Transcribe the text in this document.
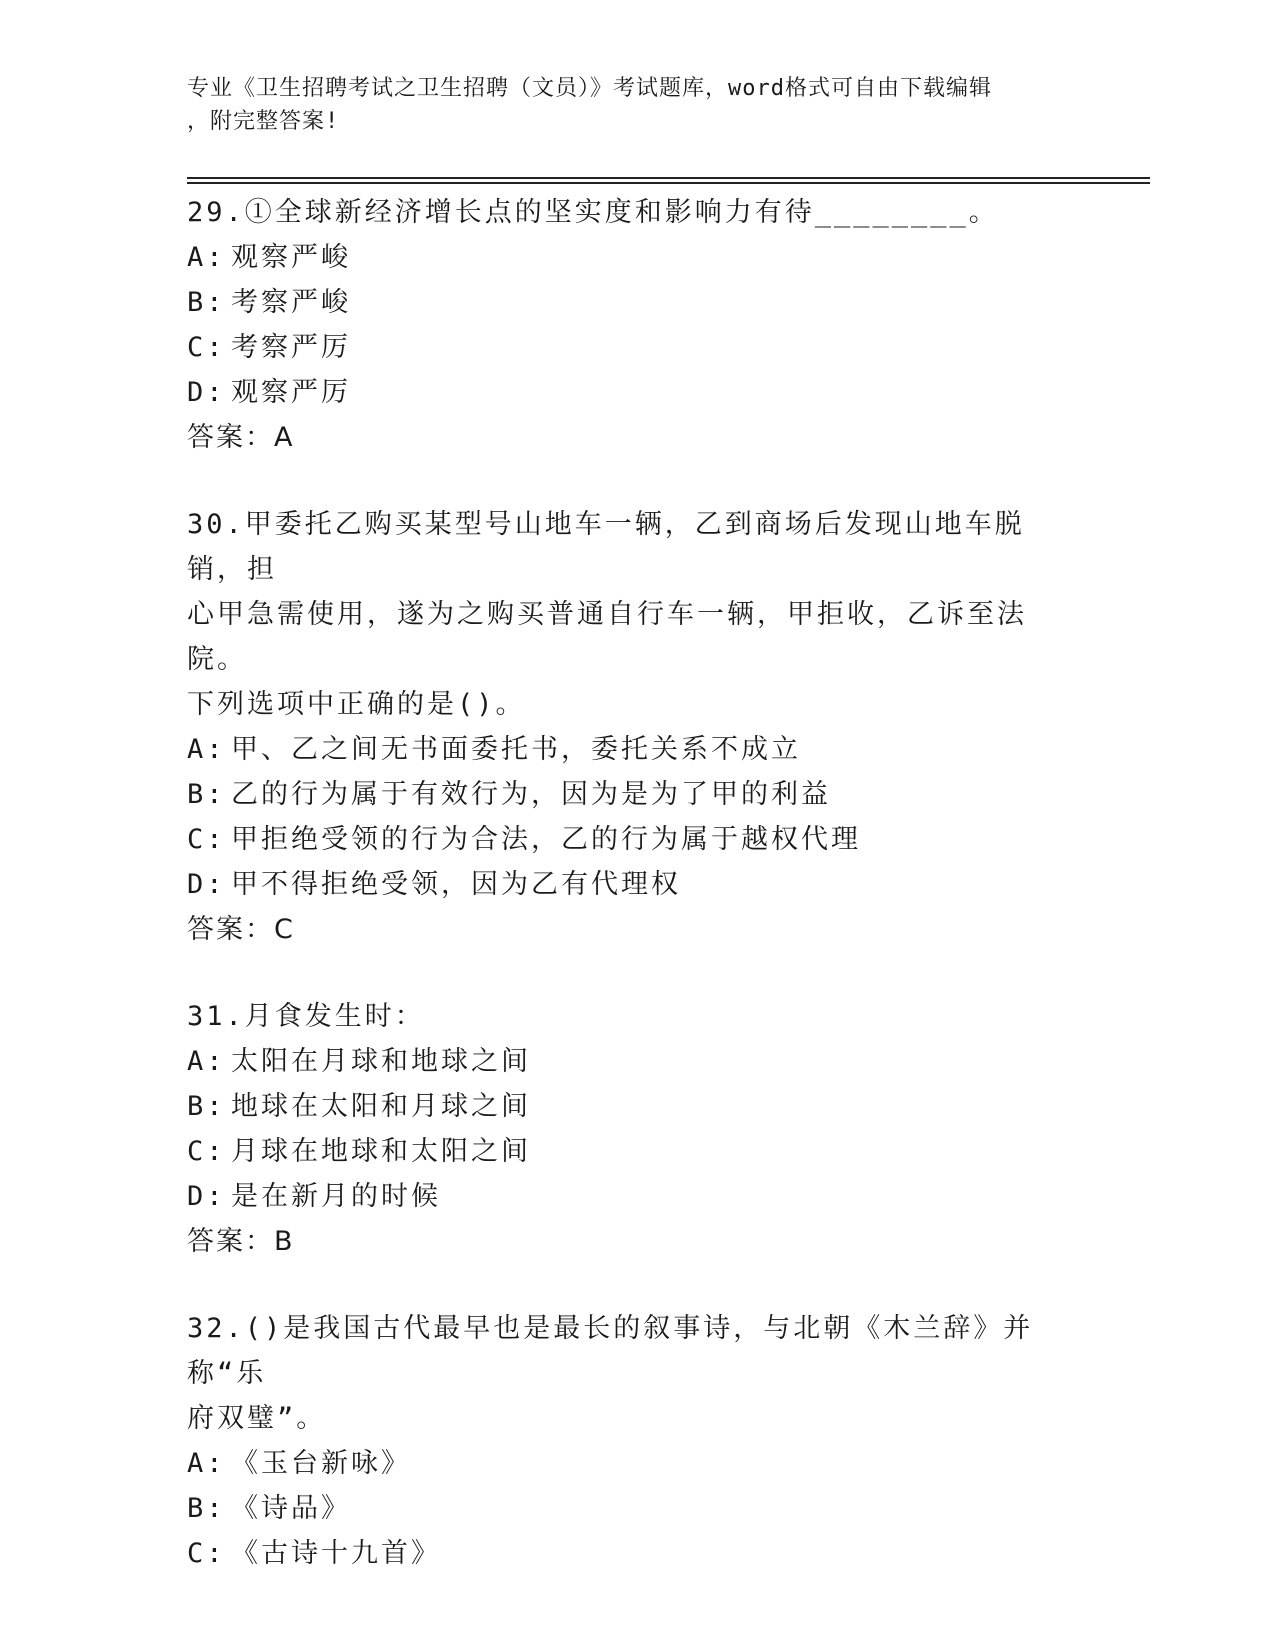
专业《卫生招聘考试之卫生招聘（文员）》考试题库，word格式可自由下载编辑
，附完整答案!
29.①全球新经济增长点的坚实度和影响力有待________。
A: 观察严峻
B: 考察严峻
C: 考察严厉
D: 观察严厉
答案：A
30.甲委托乙购买某型号山地车一辆，乙到商场后发现山地车脱销，担
心甲急需使用，遂为之购买普通自行车一辆，甲拒收，乙诉至法院。
下列选项中正确的是()。
A: 甲、乙之间无书面委托书，委托关系不成立
B: 乙的行为属于有效行为，因为是为了甲的利益
C: 甲拒绝受领的行为合法，乙的行为属于越权代理
D: 甲不得拒绝受领，因为乙有代理权
答案：C
31.月食发生时：
A: 太阳在月球和地球之间
B: 地球在太阳和月球之间
C: 月球在地球和太阳之间
D: 是在新月的时候
答案：B
32.()是我国古代最早也是最长的叙事诗，与北朝《木兰辞》并称“乐
府双璧”。
A: 《玉台新咏》
B: 《诗品》
C: 《古诗十九首》
